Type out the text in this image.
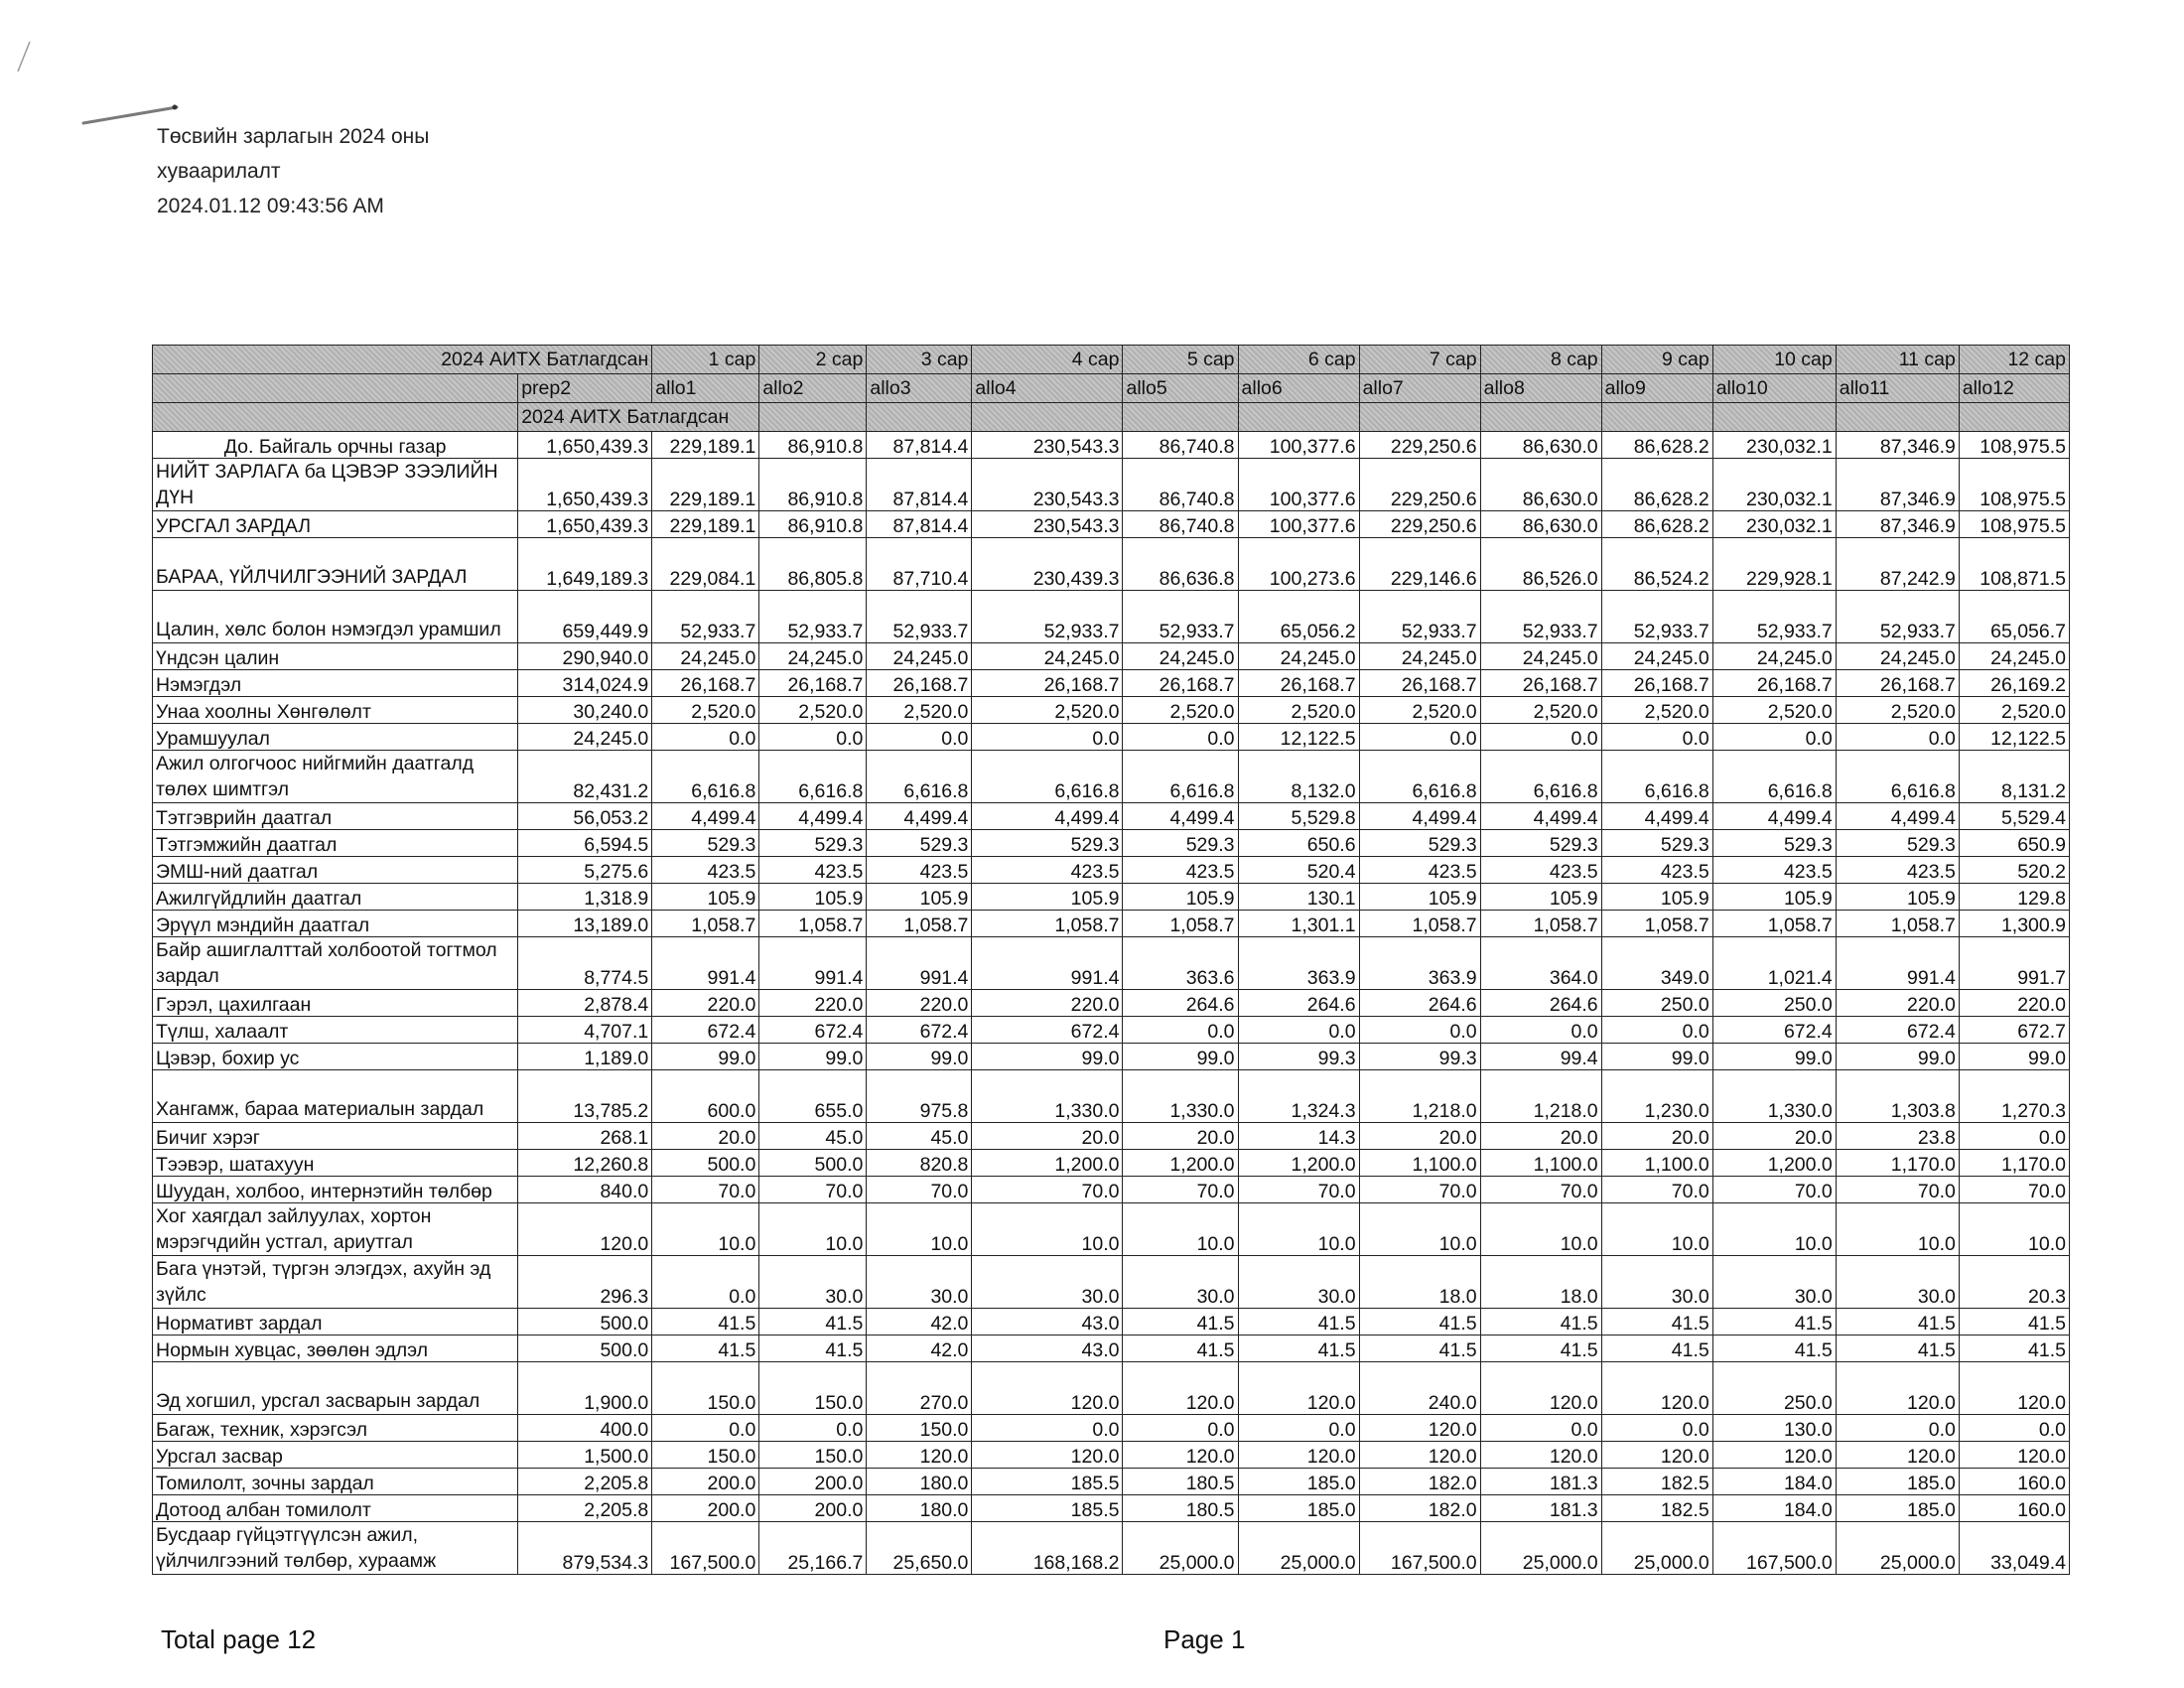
Төсвийн зарлагын 2024 оны
хуваарилалт
2024.01.12 09:43:56 AM
2024 АИТХ Батлагдсан		1 сар	2 сар	3 сар	4 сар	5 сар	6 сар	7 сар	8 сар	9 сар	10 сар	11 сар	12 сар
	prep2	allo1	allo2	allo3	allo4	allo5	allo6	allo7	allo8	allo9	allo10	allo11	allo12
	2024 АИТХ Батлагдсан												
До. Байгаль орчны газар	1,650,439.3	229,189.1	86,910.8	87,814.4	230,543.3	86,740.8	100,377.6	229,250.6	86,630.0	86,628.2	230,032.1	87,346.9	108,975.5
НИЙТ ЗАРЛАГА ба ЦЭВЭР ЗЭЭЛИЙН ДҮН	1,650,439.3	229,189.1	86,910.8	87,814.4	230,543.3	86,740.8	100,377.6	229,250.6	86,630.0	86,628.2	230,032.1	87,346.9	108,975.5
УРСГАЛ ЗАРДАЛ	1,650,439.3	229,189.1	86,910.8	87,814.4	230,543.3	86,740.8	100,377.6	229,250.6	86,630.0	86,628.2	230,032.1	87,346.9	108,975.5
БАРАА, ҮЙЛЧИЛГЭЭНИЙ ЗАРДАЛ	1,649,189.3	229,084.1	86,805.8	87,710.4	230,439.3	86,636.8	100,273.6	229,146.6	86,526.0	86,524.2	229,928.1	87,242.9	108,871.5
Цалин, хөлс болон нэмэгдэл урамшил	659,449.9	52,933.7	52,933.7	52,933.7	52,933.7	52,933.7	65,056.2	52,933.7	52,933.7	52,933.7	52,933.7	52,933.7	65,056.7
Үндсэн цалин	290,940.0	24,245.0	24,245.0	24,245.0	24,245.0	24,245.0	24,245.0	24,245.0	24,245.0	24,245.0	24,245.0	24,245.0	24,245.0
Нэмэгдэл	314,024.9	26,168.7	26,168.7	26,168.7	26,168.7	26,168.7	26,168.7	26,168.7	26,168.7	26,168.7	26,168.7	26,168.7	26,169.2
Унаа хоолны Хөнгөлөлт	30,240.0	2,520.0	2,520.0	2,520.0	2,520.0	2,520.0	2,520.0	2,520.0	2,520.0	2,520.0	2,520.0	2,520.0	2,520.0
Урамшуулал	24,245.0	0.0	0.0	0.0	0.0	0.0	12,122.5	0.0	0.0	0.0	0.0	0.0	12,122.5
Ажил олгогчоос нийгмийн даатгалд төлөх шимтгэл	82,431.2	6,616.8	6,616.8	6,616.8	6,616.8	6,616.8	8,132.0	6,616.8	6,616.8	6,616.8	6,616.8	6,616.8	8,131.2
Тэтгэврийн даатгал	56,053.2	4,499.4	4,499.4	4,499.4	4,499.4	4,499.4	5,529.8	4,499.4	4,499.4	4,499.4	4,499.4	4,499.4	5,529.4
Тэтгэмжийн даатгал	6,594.5	529.3	529.3	529.3	529.3	529.3	650.6	529.3	529.3	529.3	529.3	529.3	650.9
ЭМШ-ний даатгал	5,275.6	423.5	423.5	423.5	423.5	423.5	520.4	423.5	423.5	423.5	423.5	423.5	520.2
Ажилгүйдлийн даатгал	1,318.9	105.9	105.9	105.9	105.9	105.9	130.1	105.9	105.9	105.9	105.9	105.9	129.8
Эрүүл мэндийн даатгал	13,189.0	1,058.7	1,058.7	1,058.7	1,058.7	1,058.7	1,301.1	1,058.7	1,058.7	1,058.7	1,058.7	1,058.7	1,300.9
Байр ашиглалттай холбоотой тогтмол зардал	8,774.5	991.4	991.4	991.4	991.4	363.6	363.9	363.9	364.0	349.0	1,021.4	991.4	991.7
Гэрэл, цахилгаан	2,878.4	220.0	220.0	220.0	220.0	264.6	264.6	264.6	264.6	250.0	250.0	220.0	220.0
Түлш, халаалт	4,707.1	672.4	672.4	672.4	672.4	0.0	0.0	0.0	0.0	0.0	672.4	672.4	672.7
Цэвэр, бохир ус	1,189.0	99.0	99.0	99.0	99.0	99.0	99.3	99.3	99.4	99.0	99.0	99.0	99.0
Хангамж, бараа материалын зардал	13,785.2	600.0	655.0	975.8	1,330.0	1,330.0	1,324.3	1,218.0	1,218.0	1,230.0	1,330.0	1,303.8	1,270.3
Бичиг хэрэг	268.1	20.0	45.0	45.0	20.0	20.0	14.3	20.0	20.0	20.0	20.0	23.8	0.0
Тээвэр, шатахуун	12,260.8	500.0	500.0	820.8	1,200.0	1,200.0	1,200.0	1,100.0	1,100.0	1,100.0	1,200.0	1,170.0	1,170.0
Шуудан, холбоо, интернэтийн төлбөр	840.0	70.0	70.0	70.0	70.0	70.0	70.0	70.0	70.0	70.0	70.0	70.0	70.0
Хог хаягдал зайлуулах, хортон мэрэгчдийн устгал, ариутгал	120.0	10.0	10.0	10.0	10.0	10.0	10.0	10.0	10.0	10.0	10.0	10.0	10.0
Бага үнэтэй, түргэн элэгдэх, ахуйн эд зүйлс	296.3	0.0	30.0	30.0	30.0	30.0	30.0	18.0	18.0	30.0	30.0	30.0	20.3
Нормативт зардал	500.0	41.5	41.5	42.0	43.0	41.5	41.5	41.5	41.5	41.5	41.5	41.5	41.5
Нормын хувцас, зөөлөн эдлэл	500.0	41.5	41.5	42.0	43.0	41.5	41.5	41.5	41.5	41.5	41.5	41.5	41.5
Эд хогшил, урсгал засварын зардал	1,900.0	150.0	150.0	270.0	120.0	120.0	120.0	240.0	120.0	120.0	250.0	120.0	120.0
Багаж, техник, хэрэгсэл	400.0	0.0	0.0	150.0	0.0	0.0	0.0	120.0	0.0	0.0	130.0	0.0	0.0
Урсгал засвар	1,500.0	150.0	150.0	120.0	120.0	120.0	120.0	120.0	120.0	120.0	120.0	120.0	120.0
Томилолт, зочны зардал	2,205.8	200.0	200.0	180.0	185.5	180.5	185.0	182.0	181.3	182.5	184.0	185.0	160.0
Дотоод албан томилолт	2,205.8	200.0	200.0	180.0	185.5	180.5	185.0	182.0	181.3	182.5	184.0	185.0	160.0
Бусдаар гүйцэтгүүлсэн ажил, үйлчилгээний төлбөр, хураамж	879,534.3	167,500.0	25,166.7	25,650.0	168,168.2	25,000.0	25,000.0	167,500.0	25,000.0	25,000.0	167,500.0	25,000.0	33,049.4
Total page 12	Page 1
